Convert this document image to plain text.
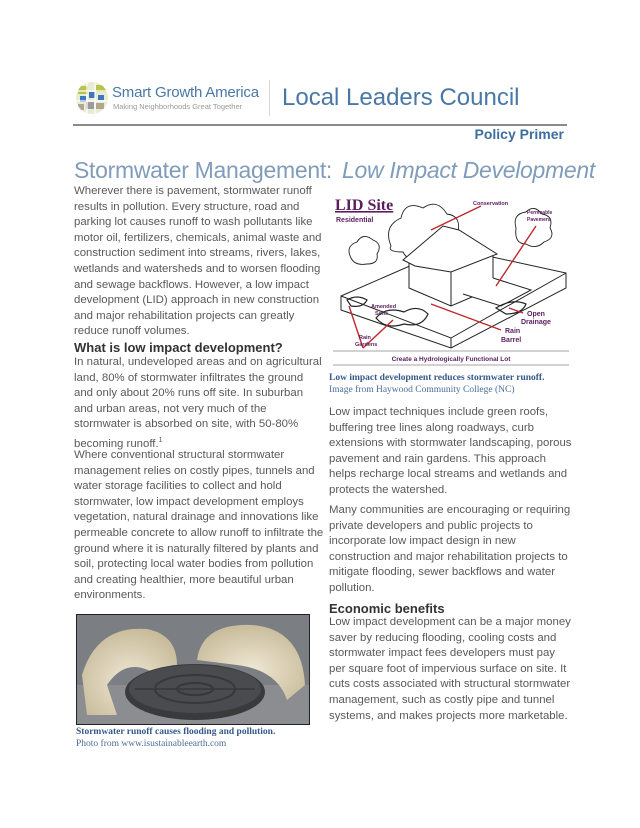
Smart Growth America
Making Neighborhoods Great Together Local Leaders Council
Policy Primer
Stormwater Management: Low Impact Development
Wherever there is pavement, stormwater runoff results in pollution. Every structure, road and parking lot causes runoff to wash pollutants like motor oil, fertilizers, chemicals, animal waste and construction sediment into streams, rivers, lakes, wetlands and watersheds and to worsen flooding and sewage backflows. However, a low impact development (LID) approach in new construction and major rehabilitation projects can greatly reduce runoff volumes.
What is low impact development?
In natural, undeveloped areas and on agricultural land, 80% of stormwater infiltrates the ground and only about 20% runs off site. In suburban and urban areas, not very much of the stormwater is absorbed on site, with 50-80% becoming runoff.$^1$
Where conventional structural stormwater management relies on costly pipes, tunnels and water storage facilities to collect and hold stormwater, low impact development employs vegetation, natural drainage and innovations like permeable concrete to allow runoff to infiltrate the ground where it is naturally filtered by plants and soil, protecting local water bodies from pollution and creating healthier, more beautiful urban environments.
Stormwater runoff causes flooding and pollution.
Photo from www.isustainableearth.com
LID Site
Residential
Conservation
Permeable
Pavement
Amended
Soils	Open
Drainage
Rain
Barrel
Rain
Gardens
Create a Hydrologically Functional Lot
Low impact development reduces stormwater runoff.
Image from Haywood Community College (NC)
Low impact techniques include green roofs, buffering tree lines along roadways, curb extensions with stormwater landscaping, porous pavement and rain gardens. This approach helps recharge local streams and wetlands and protects the watershed.
Many communities are encouraging or requiring private developers and public projects to incorporate low impact design in new construction and major rehabilitation projects to mitigate flooding, sewer backflows and water pollution.
Economic benefits
Low impact development can be a major money saver by reducing flooding, cooling costs and stormwater impact fees developers must pay per square foot of impervious surface on site. It cuts costs associated with structural stormwater management, such as costly pipe and tunnel systems, and makes projects more marketable.
